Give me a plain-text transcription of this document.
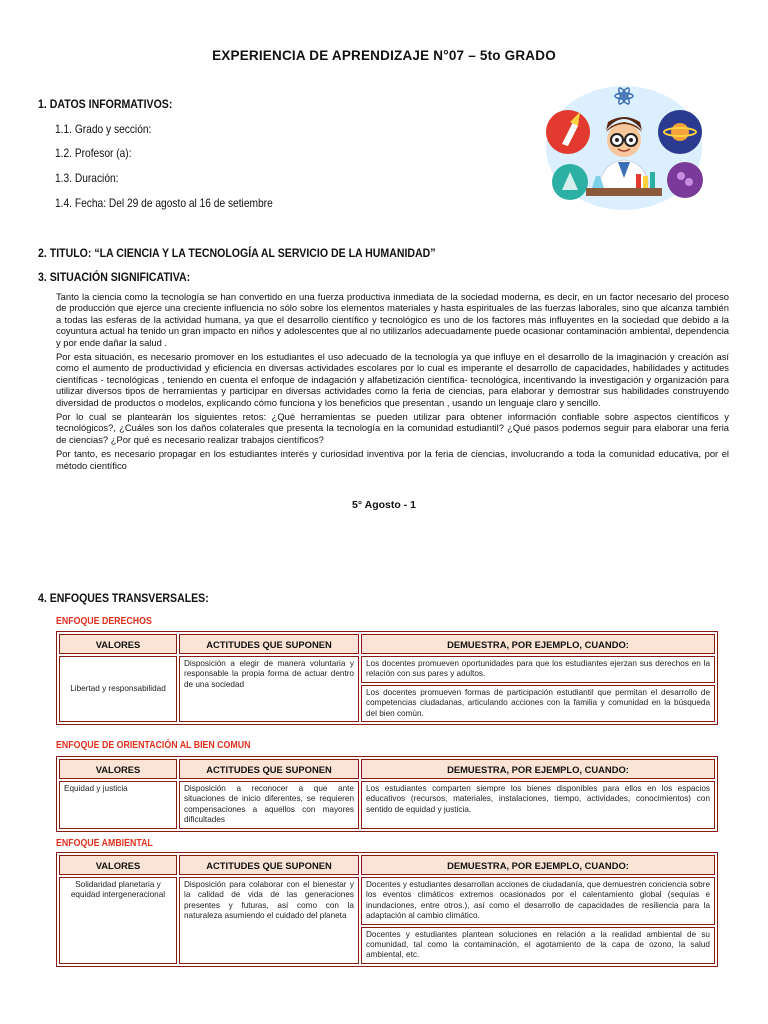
EXPERIENCIA DE APRENDIZAJE N°07 – 5to GRADO
1. DATOS INFORMATIVOS:
1.1. Grado y sección:
1.2. Profesor (a):
1.3. Duración:
1.4. Fecha: Del 29 de agosto al 16 de setiembre
2. TITULO: “LA CIENCIA Y LA TECNOLOGÍA AL SERVICIO DE LA HUMANIDAD”
3. SITUACIÓN SIGNIFICATIVA:

Tanto la ciencia como la tecnología se han convertido en una fuerza productiva inmediata de la sociedad moderna, es decir, en un factor necesario del proceso de producción que ejerce una creciente influencia no sólo sobre los elementos materiales y hasta espirituales de las fuerzas laborales, sino que alcanza también a todas las esferas de la actividad humana, ya que el desarrollo científico y tecnológico es uno de los factores más influyentes en la sociedad que debido a la coyuntura actual ha tenido un gran impacto en niños y adolescentes que al no utilizarlos adecuadamente puede ocasionar contaminación ambiental, dependencia y por ende dañar la salud .

Por esta situación, es necesario promover en los estudiantes el uso adecuado de la tecnología ya que influye en el desarrollo de la imaginación y creación así como el aumento de productividad y eficiencia en diversas actividades escolares por lo cual es imperante el desarrollo de capacidades, habilidades y actitudes científicas - tecnológicas , teniendo en cuenta el enfoque de indagación y alfabetización científica- tecnológica, incentivando la investigación y organización para utilizar diversos tipos de herramientas y participar en diversas actividades como la feria de ciencias, para elaborar y demostrar sus habilidades construyendo diversidad de productos o modelos, explicando cómo funciona y los beneficios que presentan , usando un lenguaje claro y sencillo.

Por lo cual se plantearán los siguientes retos: ¿Qué herramientas se pueden utilizar para obtener información confiable sobre aspectos científicos y tecnológicos?, ¿Cuáles son los daños colaterales que presenta la tecnología en la comunidad estudiantil? ¿Qué pasos podemos seguir para elaborar una feria de ciencias? ¿Por qué es necesario realizar trabajos científicos?

Por tanto, es necesario propagar en los estudiantes interés y curiosidad inventiva por la feria de ciencias, involucrando a toda la comunidad educativa, por el método científico

5° Agosto - 1
4. ENFOQUES TRANSVERSALES:
ENFOQUE DERECHOS
VALORES	ACTITUDES QUE SUPONEN	DEMUESTRA, POR EJEMPLO, CUANDO:
Libertad y responsabilidad	Disposición a elegir de manera voluntaria y responsable la propia forma de actuar dentro de una sociedad	Los docentes promueven oportunidades para que los estudiantes ejerzan sus derechos en la relación con sus pares y adultos.
		Los docentes promueven formas de participación estudiantil que permitan el desarrollo de competencias ciudadanas, articulando acciones con la familia y comunidad en la búsqueda del bien común.
ENFOQUE DE ORIENTACIÓN AL BIEN COMUN
VALORES	ACTITUDES QUE SUPONEN	DEMUESTRA, POR EJEMPLO, CUANDO:
Equidad y justicia	Disposición a reconocer a que ante situaciones de inicio diferentes, se requieren compensaciones a aquellos con mayores dificultades	Los estudiantes comparten siempre los bienes disponibles para ellos en los espacios educativos (recursos, materiales, instalaciones, tiempo, actividades, conocimientos) con sentido de equidad y justicia.
ENFOQUE AMBIENTAL
VALORES	ACTITUDES QUE SUPONEN	DEMUESTRA, POR EJEMPLO, CUANDO:
Solidaridad planetaria y equidad intergeneracional	Disposición para colaborar con el bienestar y la calidad de vida de las generaciones presentes y futuras, así como con la naturaleza asumiendo el cuidado del planeta	Docentes y estudiantes desarrollan acciones de ciudadanía, que demuestren conciencia sobre los eventos climáticos extremos ocasionados por el calentamiento global (sequías e inundaciones, entre otros.), así como el desarrollo de capacidades de resiliencia para la adaptación al cambio climático.
		Docentes y estudiantes plantean soluciones en relación a la realidad ambiental de su comunidad, tal como la contaminación, el agotamiento de la capa de ozono, la salud ambiental, etc.
